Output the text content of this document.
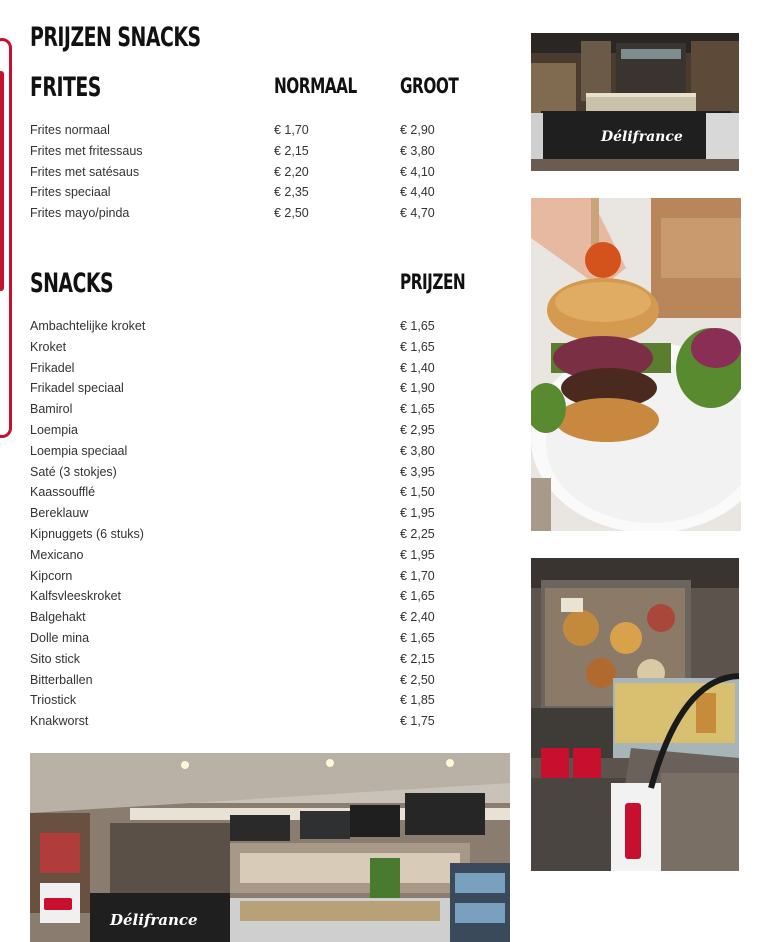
PRIJZEN SNACKS
FRITES	NORMAAL	GROOT
Frites normaal	€ 1,70	€ 2,90
Frites met fritessaus	€ 2,15	€ 3,80
Frites met satésaus	€ 2,20	€ 4,10
Frites speciaal	€ 2,35	€ 4,40
Frites mayo/pinda	€ 2,50	€ 4,70
SNACKS	PRIJZEN
Ambachtelijke kroket	€ 1,65
Kroket	€ 1,65
Frikadel	€ 1,40
Frikadel speciaal	€ 1,90
Bamirol	€ 1,65
Loempia	€ 2,95
Loempia speciaal	€ 3,80
Saté (3 stokjes)	€ 3,95
Kaassoufflé	€ 1,50
Bereklauw	€ 1,95
Kipnuggets (6 stuks)	€ 2,25
Mexicano	€ 1,95
Kipcorn	€ 1,70
Kalfsvleeskroket	€ 1,65
Balgehakt	€ 2,40
Dolle mina	€ 1,65
Sito stick	€ 2,15
Bitterballen	€ 2,50
Triostick	€ 1,85
Knakworst	€ 1,75
Délifrance
Délifrance
